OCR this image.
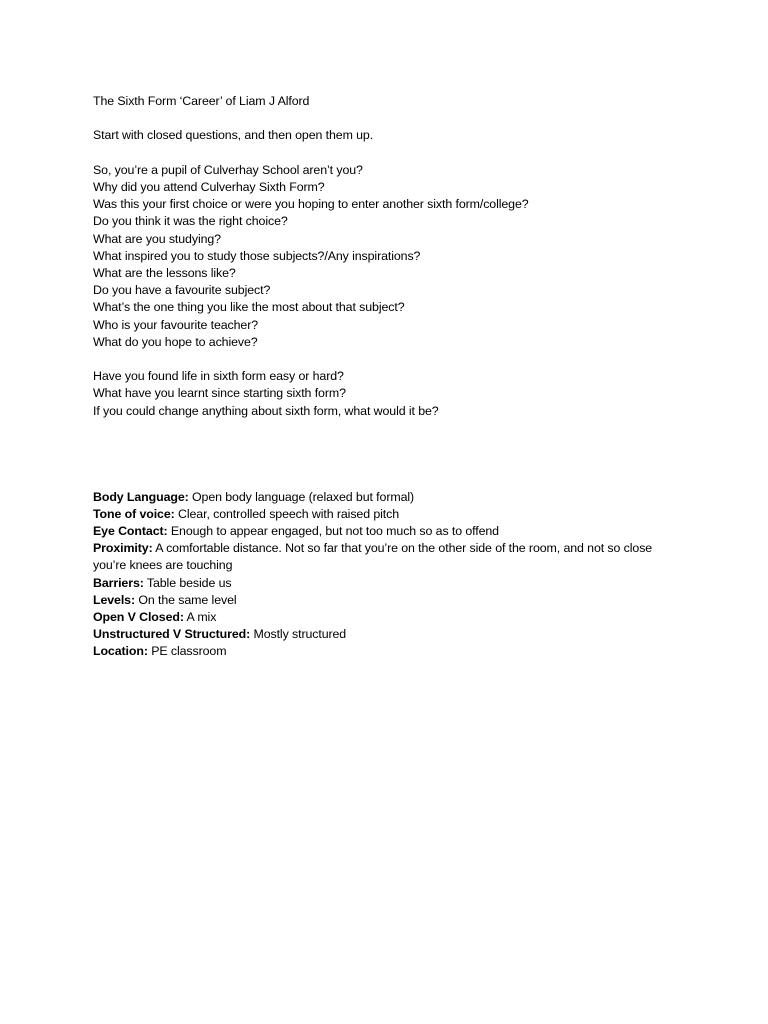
The Sixth Form ‘Career’ of Liam J Alford
Start with closed questions, and then open them up.
So, you’re a pupil of Culverhay School aren’t you?
Why did you attend Culverhay Sixth Form?
Was this your first choice or were you hoping to enter another sixth form/college?
Do you think it was the right choice?
What are you studying?
What inspired you to study those subjects?/Any inspirations?
What are the lessons like?
Do you have a favourite subject?
What’s the one thing you like the most about that subject?
Who is your favourite teacher?
What do you hope to achieve?
Have you found life in sixth form easy or hard?
What have you learnt since starting sixth form?
If you could change anything about sixth form, what would it be?
Body Language: Open body language (relaxed but formal)
Tone of voice: Clear, controlled speech with raised pitch
Eye Contact: Enough to appear engaged, but not too much so as to offend
Proximity: A comfortable distance. Not so far that you’re on the other side of the room, and not so close you’re knees are touching
Barriers: Table beside us
Levels: On the same level
Open V Closed: A mix
Unstructured V Structured: Mostly structured
Location: PE classroom
